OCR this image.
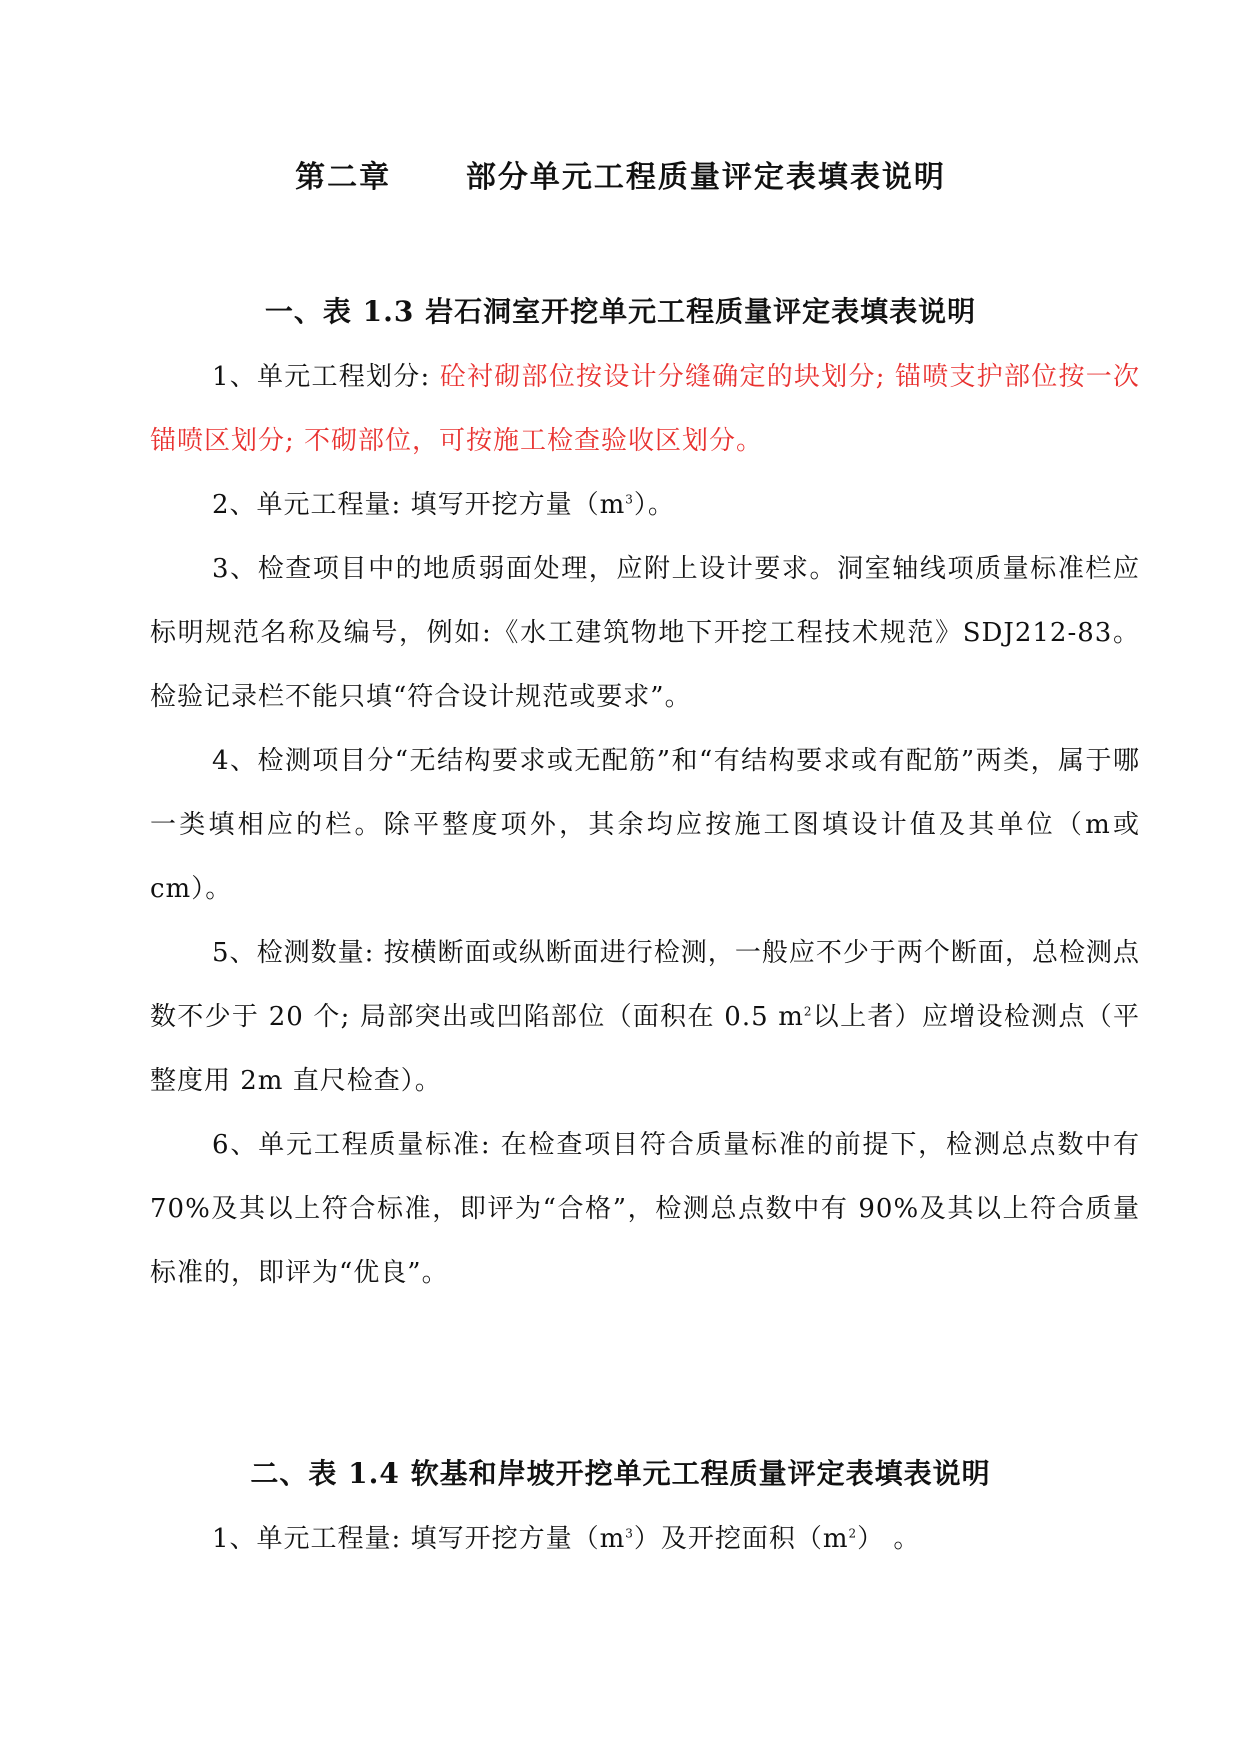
第二章      部分单元工程质量评定表填表说明
一、表 1.3 岩石洞室开挖单元工程质量评定表填表说明

1、单元工程划分: 砼衬砌部位按设计分缝确定的块划分; 锚喷支护部位按一次锚喷区划分; 不砌部位，可按施工检查验收区划分。

2、单元工程量: 填写开挖方量$(m^3)$。

3、检查项目中的地质弱面处理，应附上设计要求。洞室轴线项质量标准栏应标明规范名称及编号，例如:《水工建筑物地下开挖工程技术规范》SDJ212-83。检验记录栏不能只填“符合设计规范或要求”。

4、检测项目分“无结构要求或无配筋”和“有结构要求或有配筋”两类，属于哪一类填相应的栏。除平整度项外，其余均应按施工图填设计值及其单位（m或 cm）。

5、检测数量: 按横断面或纵断面进行检测，一般应不少于两个断面，总检测点数不少于 20 个; 局部突出或凹陷部位（面积在 0.5 $m^2$以上者）应增设检测点（平整度用 2m 直尺检查）。

6、单元工程质量标准: 在检查项目符合质量标准的前提下，检测总点数中有 70%及其以上符合标准，即评为“合格”，检测总点数中有 90%及其以上符合质量标准的，即评为“优良”。

二、表 1.4 软基和岸坡开挖单元工程质量评定表填表说明

1、单元工程量: 填写开挖方量$(m^3)$及开挖面积$(m^2)$ 。
